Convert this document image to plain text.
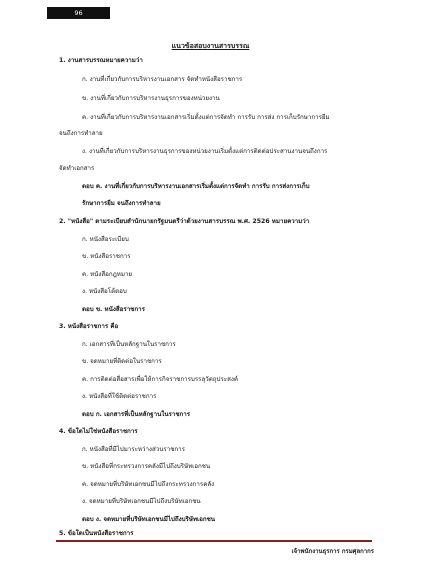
96
แนวข้อสอบงานสารบรรณ
1. งานสารบรรณหมายความว่า
ก. งานที่เกี่ยวกับการบริหารงานเอกสาร จัดทำหนังสือราชการ
ข. งานที่เกี่ยวกับการบริหารงานธุรการของหน่วยงาน
ค. งานที่เกี่ยวกับการบริหารงานเอกสารเริ่มตั้งแต่การจัดทำ การรับ การส่ง การเก็บรักษาการยืม
จนถึงการทำลาย
ง. งานที่เกี่ยวกับการบริหารงานธุรการของหน่วยงานเริ่มตั้งแต่การติดต่อประสานงานจนถึงการ
จัดทำเอกสาร
ตอบ ค. งานที่เกี่ยวกับการบริหารงานเอกสารเริ่มตั้งแต่การจัดทำ การรับ การส่งการเก็บ
รักษาการยืม จนถึงการทำลาย
2. "หนังสือ" ตามระเบียบสำนักนายกรัฐมนตรีว่าด้วยงานสารบรรณ พ.ศ. 2526 หมายความว่า
ก. หนังสือระเบียบ
ข. หนังสือราชการ
ค. หนังสือกฎหมาย
ง. หนังสือโต้ตอบ
ตอบ ข. หนังสือราชการ
3. หนังสือราชการ คือ
ก. เอกสารที่เป็นหลักฐานในราชการ
ข. จดหมายที่ติดต่อในราชการ
ค. การติดต่อสื่อสารเพื่อให้การกิจราชการบรรลุวัตถุประสงค์
ง. หนังสือที่ใช้ติดต่อราชการ
ตอบ ก. เอกสารที่เป็นหลักฐานในราชการ
4. ข้อใดไม่ใช่หนังสือราชการ
ก. หนังสือที่มีไปมาระหว่างส่วนราชการ
ข. หนังสือที่กระทรวงการคลังมีไปถึงบริษัทเอกชน
ค. จดหมายที่บริษัทเอกชนมีไปถึงกระทรวงการคลัง
ง. จดหมายที่บริษัทเอกชนมีไปถึงบริษัทเอกชน
ตอบ ง. จดหมายที่บริษัทเอกชนมีไปถึงบริษัทเอกชน
5. ข้อใดเป็นหนังสือราชการ
เจ้าพนักงานธุรการ กรมศุลกากร
